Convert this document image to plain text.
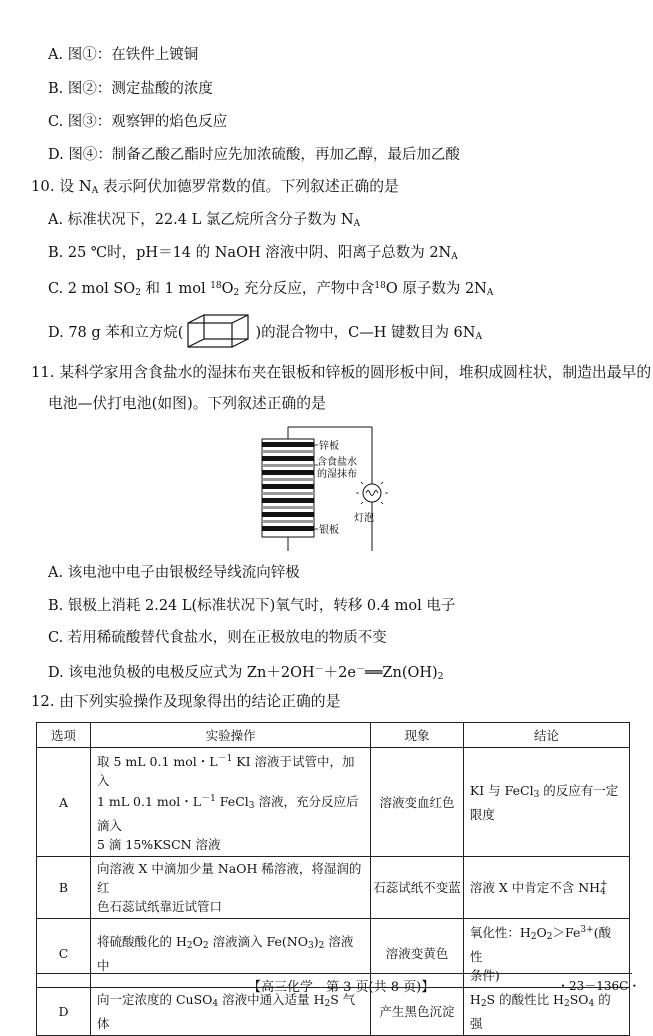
A. 图①：在铁件上镀铜
B. 图②：测定盐酸的浓度
C. 图③：观察钾的焰色反应
D. 图④：制备乙酸乙酯时应先加浓硫酸，再加乙醇，最后加乙酸
10. 设 $N_A$ 表示阿伏加德罗常数的值。下列叙述正确的是
A. 标准状况下，22.4 L 氯乙烷所含分子数为 $N_A$
B. 25 ℃时，pH＝14 的 NaOH 溶液中阴、阳离子总数为 $2N_A$
C. 2 mol $SO_2$ 和 1 mol $^{18}O_2$ 充分反应，产物中含$^{18}$O 原子数为 $2N_A$
D. 78 g 苯和立方烷(	)的混合物中，C—H 键数目为 $6N_A$
11. 某科学家用含食盐水的湿抹布夹在银板和锌板的圆形板中间，堆积成圆柱状，制造出最早的
电池—伏打电池(如图)。下列叙述正确的是
锌板
含食盐水
的湿抹布
银板
灯泡
A. 该电池中电子由银极经导线流向锌极
B. 银极上消耗 2.24 L(标准状况下)氧气时，转移 0.4 mol 电子
C. 若用稀硫酸替代食盐水，则在正极放电的物质不变
D. 该电池负极的电极反应式为 $Zn+2OH^-+2e^-══Zn(OH)_2$
12. 由下列实验操作及现象得出的结论正确的是
选项	实验操作	现象	结论
A	取 5 mL 0.1 mol・$L^{-1}$ KI 溶液于试管中，加入
1 mL 0.1 mol・$L^{-1}$ FeCl$_3$ 溶液，充分反应后滴入
5 滴 15%KSCN 溶液	溶液变血红色	KI 与 FeCl$_3$ 的反应有一定
限度
B	向溶液 X 中滴加少量 NaOH 稀溶液，将湿润的红
色石蕊试纸靠近试管口	石蕊试纸不变蓝	溶液 X 中肯定不含 NH+
4
C	将硫酸酸化的 $H_2O_2$ 溶液滴入 $Fe(NO_3)_2$ 溶液中	溶液变黄色	氧化性：$H_2O_2>Fe^{3+}$(酸性
条件)
D	向一定浓度的 CuSO$_4$ 溶液中通入适量 $H_2S$ 气体	产生黑色沉淀	$H_2S$ 的酸性比 $H_2SO_4$ 的强
【高三化学　第 3 页(共 8 页)】	・23－136C・
